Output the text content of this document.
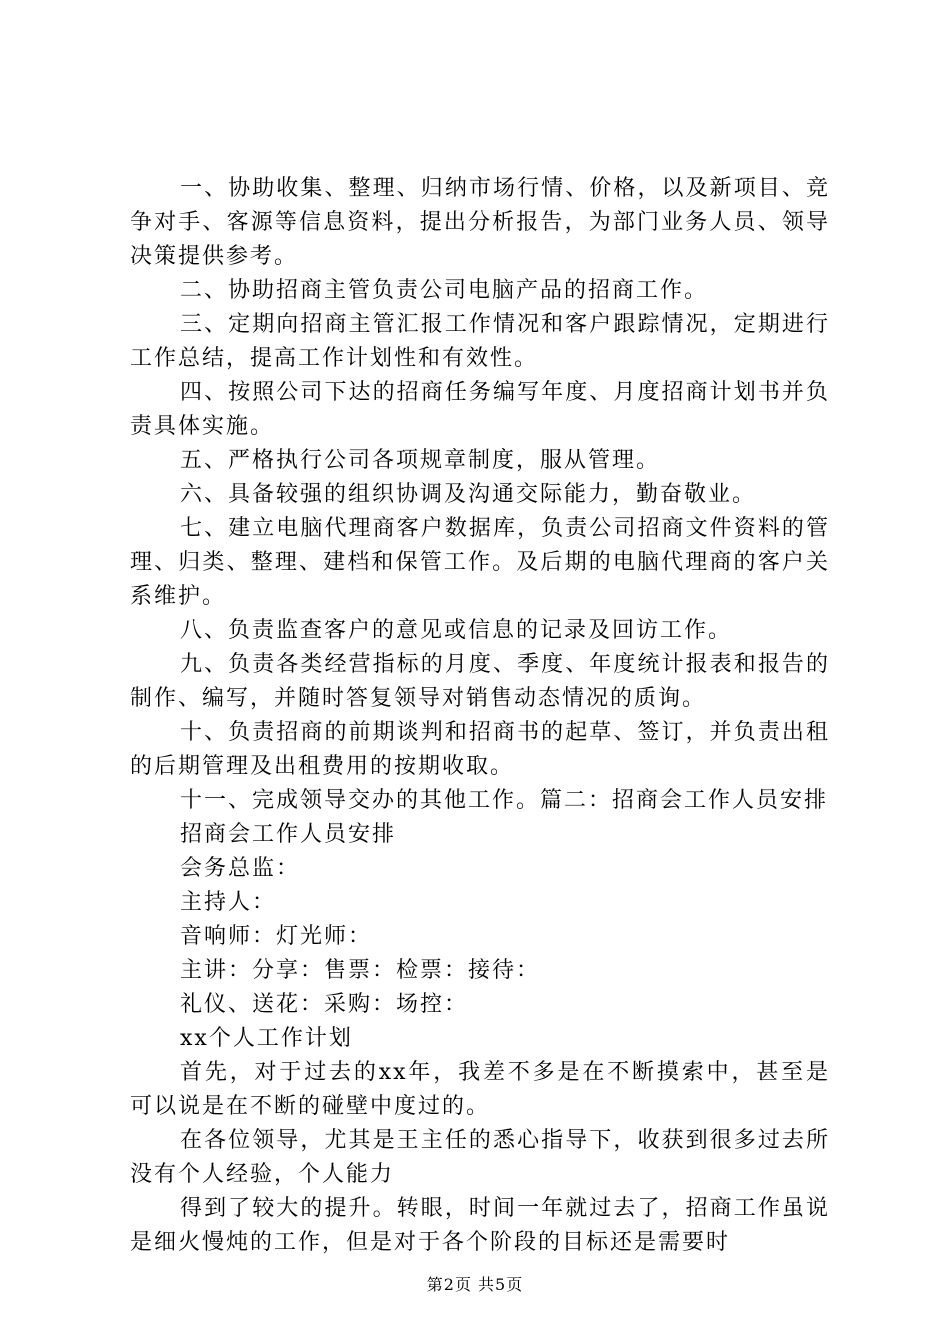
一、协助收集、整理、归纳市场行情、价格，以及新项目、竞争对手、客源等信息资料，提出分析报告，为部门业务人员、领导决策提供参考。

二、协助招商主管负责公司电脑产品的招商工作。

三、定期向招商主管汇报工作情况和客户跟踪情况，定期进行工作总结，提高工作计划性和有效性。

四、按照公司下达的招商任务编写年度、月度招商计划书并负责具体实施。

五、严格执行公司各项规章制度，服从管理。

六、具备较强的组织协调及沟通交际能力，勤奋敬业。

七、建立电脑代理商客户数据库，负责公司招商文件资料的管理、归类、整理、建档和保管工作。及后期的电脑代理商的客户关系维护。

八、负责监查客户的意见或信息的记录及回访工作。

九、负责各类经营指标的月度、季度、年度统计报表和报告的制作、编写，并随时答复领导对销售动态情况的质询。

十、负责招商的前期谈判和招商书的起草、签订，并负责出租的后期管理及出租费用的按期收取。

十一、完成领导交办的其他工作。篇二：招商会工作人员安排

招商会工作人员安排

会务总监：

主持人：

音响师：灯光师：

主讲：分享：售票：检票：接待：

礼仪、送花：采购：场控：

xx个人工作计划

首先，对于过去的xx年，我差不多是在不断摸索中，甚至是可以说是在不断的碰壁中度过的。

在各位领导，尤其是王主任的悉心指导下，收获到很多过去所没有个人经验，个人能力

得到了较大的提升。转眼，时间一年就过去了，招商工作虽说是细火慢炖的工作，但是对于各个阶段的目标还是需要时

第2页 共5页
